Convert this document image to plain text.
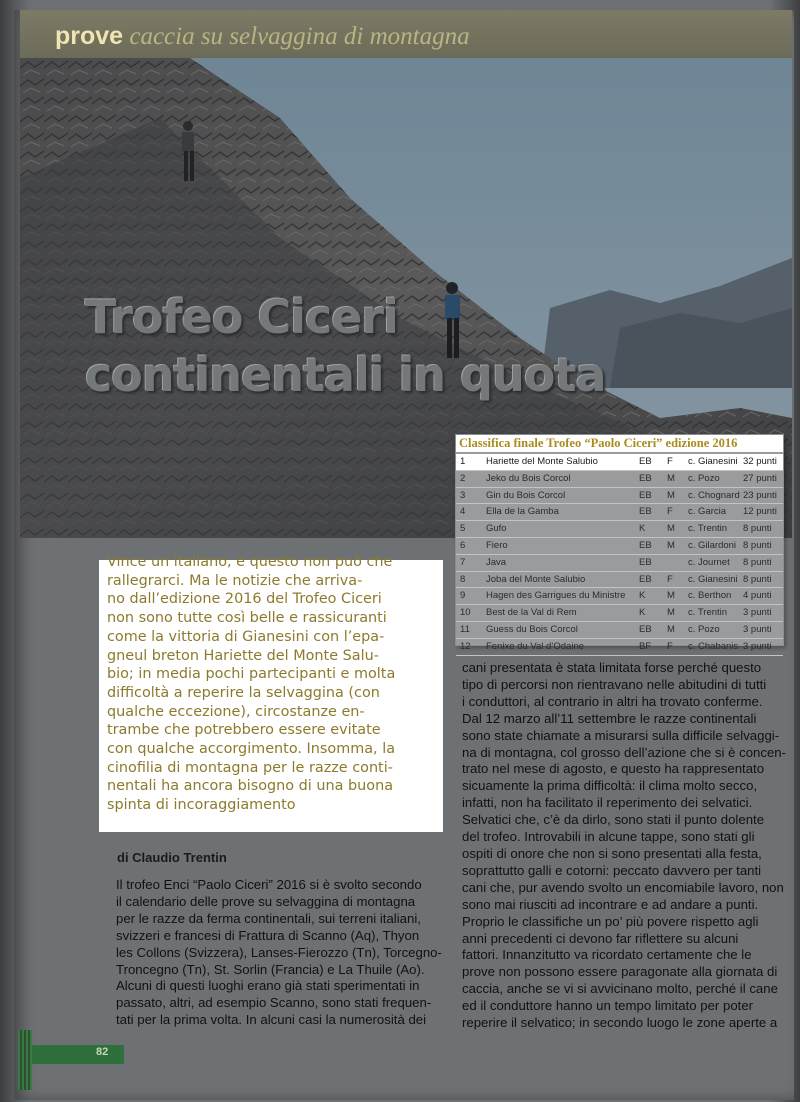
prove caccia su selvaggina di montagna
Trofeo Ciceri
continentali in quota
Classifica finale Trofeo “Paolo Ciceri” edizione 2016
1 Hariette del Monte Salubio	EB F c. Gianesini 32 punti
2 Jeko du Bois Corcol	EB M c. Pozo 27 punti
3 Gin du Bois Corcol	EB M c. Chognard 23 punti
4 Ella de la Gamba	EB F c. Garcia 12 punti
5 Gufo	K M c. Trentin 8 punti
6 Fiero	EB M c. Gilardoni 8 punti
7 Java	EB	c. Journet 8 punti
8 Joba del Monte Salubio	EB F c. Gianesini 8 punti
9 Hagen des Garrigues du Ministre K M c. Berthon 4 punti
10 Best de la Val di Rem	K M c. Trentin 3 punti
11 Guess du Bois Corcol	EB M c. Pozo 3 punti
12 Fenixe du Val d’Odaine	BF F c. Chabanis 3 punti
Vince un italiano, e questo non può che
rallegrarci. Ma le notizie che arriva-
no dall’edizione 2016 del Trofeo Ciceri
non sono tutte così belle e rassicuranti
come la vittoria di Gianesini con l’epa-
gneul breton Hariette del Monte Salu-
bio; in media pochi partecipanti e molta
difficoltà a reperire la selvaggina (con
qualche eccezione), circostanze en-
trambe che potrebbero essere evitate
con qualche accorgimento. Insomma, la
cinofilia di montagna per le razze conti-
nentali ha ancora bisogno di una buona
spinta di incoraggiamento
di Claudio Trentin
Il trofeo Enci “Paolo Ciceri” 2016 si è svolto secondo
il calendario delle prove su selvaggina di montagna
per le razze da ferma continentali, sui terreni italiani,
svizzeri e francesi di Frattura di Scanno (Aq), Thyon
les Collons (Svizzera), Lanses-Fierozzo (Tn), Torcegno-
Troncegno (Tn), St. Sorlin (Francia) e La Thuile (Ao).
Alcuni di questi luoghi erano già stati sperimentati in
passato, altri, ad esempio Scanno, sono stati frequen-
tati per la prima volta. In alcuni casi la numerosità dei
cani presentata è stata limitata forse perché questo
tipo di percorsi non rientravano nelle abitudini di tutti
i conduttori, al contrario in altri ha trovato conferme.
Dal 12 marzo all’11 settembre le razze continentali
sono state chiamate a misurarsi sulla difficile selvaggi-
na di montagna, col grosso dell’azione che si è concen-
trato nel mese di agosto, e questo ha rappresentato
sicuamente la prima difficoltà: il clima molto secco,
infatti, non ha facilitato il reperimento dei selvatici.
Selvatici che, c’è da dirlo, sono stati il punto dolente
del trofeo. Introvabili in alcune tappe, sono stati gli
ospiti di onore che non si sono presentati alla festa,
soprattutto galli e cotorni: peccato davvero per tanti
cani che, pur avendo svolto un encomiabile lavoro, non
sono mai riusciti ad incontrare e ad andare a punti.
Proprio le classifiche un po’ più povere rispetto agli
anni precedenti ci devono far riflettere su alcuni
fattori. Innanzitutto va ricordato certamente che le
prove non possono essere paragonate alla giornata di
caccia, anche se vi si avvicinano molto, perché il cane
ed il conduttore hanno un tempo limitato per poter
reperire il selvatico; in secondo luogo le zone aperte a
82
